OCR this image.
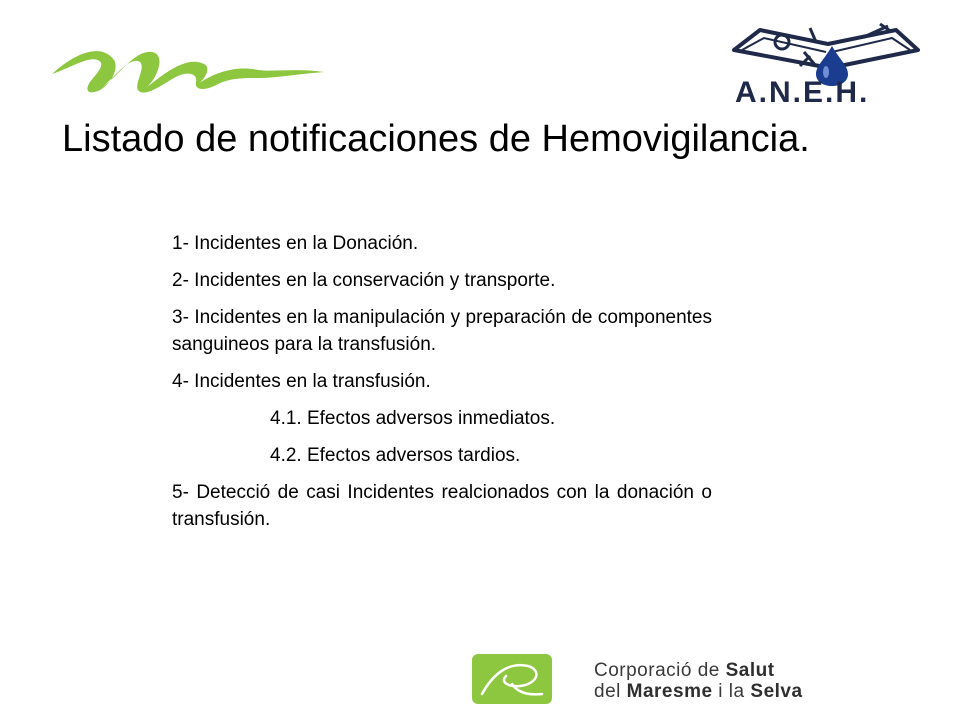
A.N.E.H.
Listado de notificaciones de Hemovigilancia.

1- Incidentes en la Donación.

2- Incidentes en la conservación y transporte.

3- Incidentes en la manipulación y preparación de componentes sanguineos para la transfusión.

4- Incidentes en la transfusión.

4.1. Efectos adversos inmediatos.

4.2. Efectos adversos tardios.

5- Detecció de casi Incidentes realcionados con la donación o transfusión.

Corporació de Salut
del Maresme i la Selva
